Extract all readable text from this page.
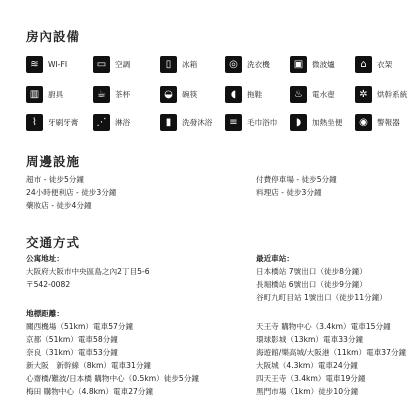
房內設備
周邊設施
交通方式
≋	WI-FI	▭	空調	▯	冰箱	◎	洗衣機	▣	微波爐	⌂	衣架
▥	廚具	☕	茶杯	◒	碗筷	◖	拖鞋	♨	電水壺	✲	烘幹系統
⌇	牙刷牙膏	⋰	淋浴	▮	洗發沐浴	≡	毛巾浴巾	◗	加熱坐便	◉	警報器
超市 - 徒步5分鐘
24小時便利店 - 徒步3分鐘
藥妝店 - 徒步4分鐘
付費停車場 - 徒步5分鐘
料理店 - 徒步3分鐘
公寓地址：
大阪府大阪市中央區島之內2丁目5-6
〒542-0082
最近車站：
日本橋站 7號出口（徒步8分鐘）
長堀橋站 6號出口（徒步9分鐘）
谷町九町目站 1號出口（徒步11分鐘）
地標距離：
關西機場（51km）電車57分鐘
京都（51km）電車58分鐘
奈良（31km）電車53分鐘
新大阪　新幹線（8km）電車31分鐘
心齋橋/難波/日本橋 購物中心（0.5km）徒步5分鐘
梅田 購物中心（4.8km）電車27分鐘
天王寺 購物中心（3.4km）電車15分鐘
環球影城（13km）電車33分鐘
海遊館/樂高城/大阪港（11km）電車37分鐘
大阪城（4.3km）電車24分鐘
四天王寺（3.4km）電車19分鐘
黑門市場（1km）徒步10分鐘
